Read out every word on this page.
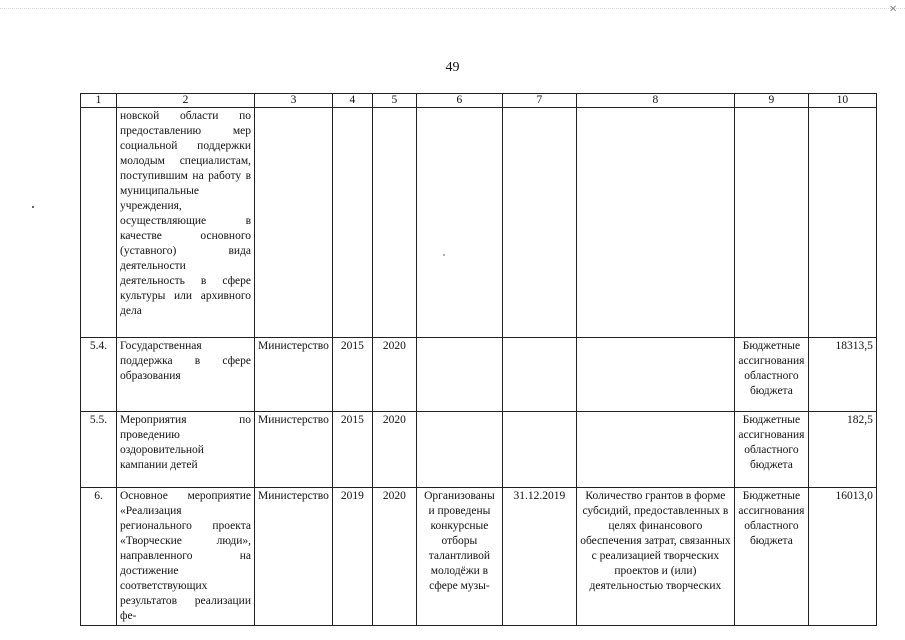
×
49
1	2	3	4	5	6	7	8	9	10
	новской области по предоставлению мер социальной поддержки молодым специалистам, поступившим на работу в муниципальные учреждения, осуществляющие в качестве основного (уставного) вида деятельности деятельность в сфере культуры или архивного дела								
5.4.	Государственная поддержка в сфере образования	Министерство	2015	2020				Бюджетные ассигнования областного бюджета	18313,5
5.5.	Мероприятия по проведению оздоровительной кампании детей	Министерство	2015	2020				Бюджетные ассигнования областного бюджета	182,5
6.	Основное мероприятие «Реализация регионального проекта «Творческие люди», направленного на достижение соответствующих результатов реализации фе-	Министерство	2019	2020	Организованы и проведены конкурсные отборы талантливой молодёжи в сфере музы-	31.12.2019	Количество грантов в форме субсидий, предоставленных в целях финансового обеспечения затрат, связанных с реализацией творческих проектов и (или) деятельностью творческих	Бюджетные ассигнования областного бюджета	16013,0
